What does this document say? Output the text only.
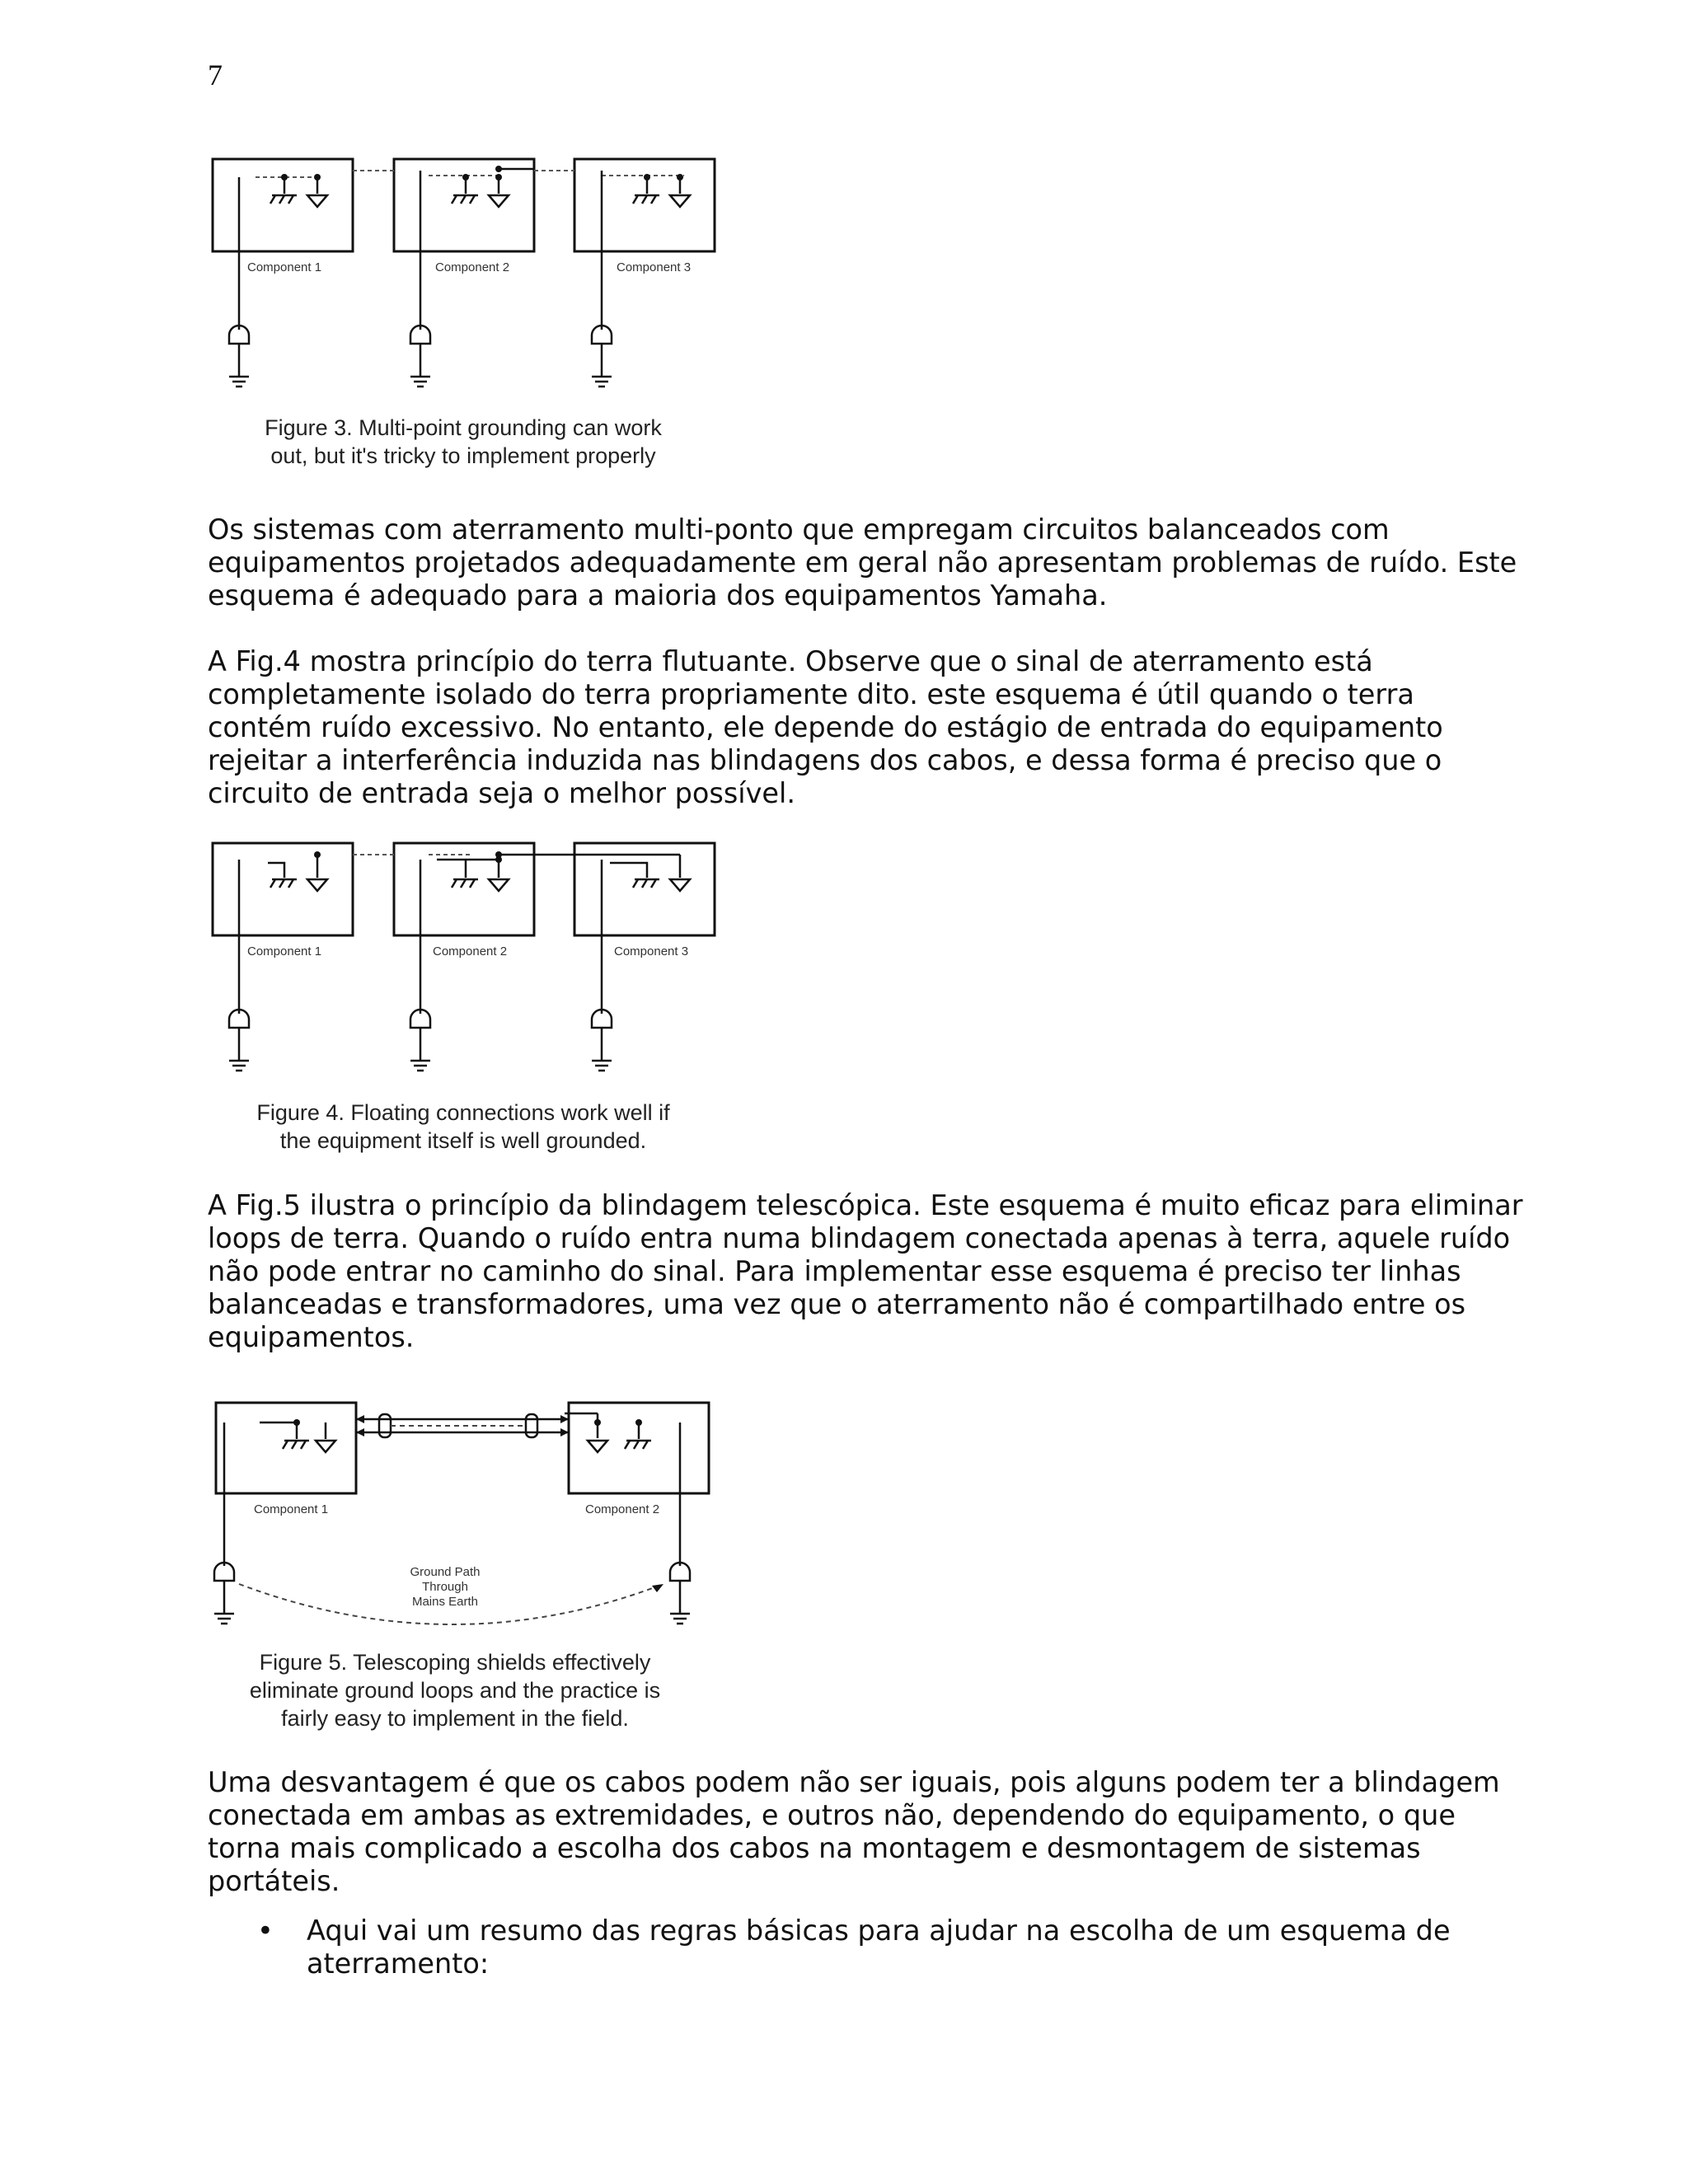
7
Component 1	Component 2	Component 3
Figure 3. Multi-point grounding can work
out, but it's tricky to implement properly

Os sistemas com aterramento multi-ponto que empregam circuitos balanceados com equipamentos projetados adequadamente em geral não apresentam problemas de ruído. Este esquema é adequado para a maioria dos equipamentos Yamaha.

A Fig.4 mostra princípio do terra flutuante. Observe que o sinal de aterramento está completamente isolado do terra propriamente dito. este esquema é útil quando o terra contém ruído excessivo. No entanto, ele depende do estágio de entrada do equipamento rejeitar a interferência induzida nas blindagens dos cabos, e dessa forma é preciso que o circuito de entrada seja o melhor possível.

Component 1	Component 2	Component 3
Figure 4. Floating connections work well if
the equipment itself is well grounded.

A Fig.5 ilustra o princípio da blindagem telescópica. Este esquema é muito eficaz para eliminar loops de terra. Quando o ruído entra numa blindagem conectada apenas à terra, aquele ruído não pode entrar no caminho do sinal. Para implementar esse esquema é preciso ter linhas balanceadas e transformadores, uma vez que o aterramento não é compartilhado entre os equipamentos.

Component 1	Component 2
Ground Path
Through
Mains Earth
Figure 5. Telescoping shields effectively
eliminate ground loops and the practice is
fairly easy to implement in the field.

Uma desvantagem é que os cabos podem não ser iguais, pois alguns podem ter a blindagem conectada em ambas as extremidades, e outros não, dependendo do equipamento, o que torna mais complicado a escolha dos cabos na montagem e desmontagem de sistemas portáteis.

• Aqui vai um resumo das regras básicas para ajudar na escolha de um esquema de aterramento:
